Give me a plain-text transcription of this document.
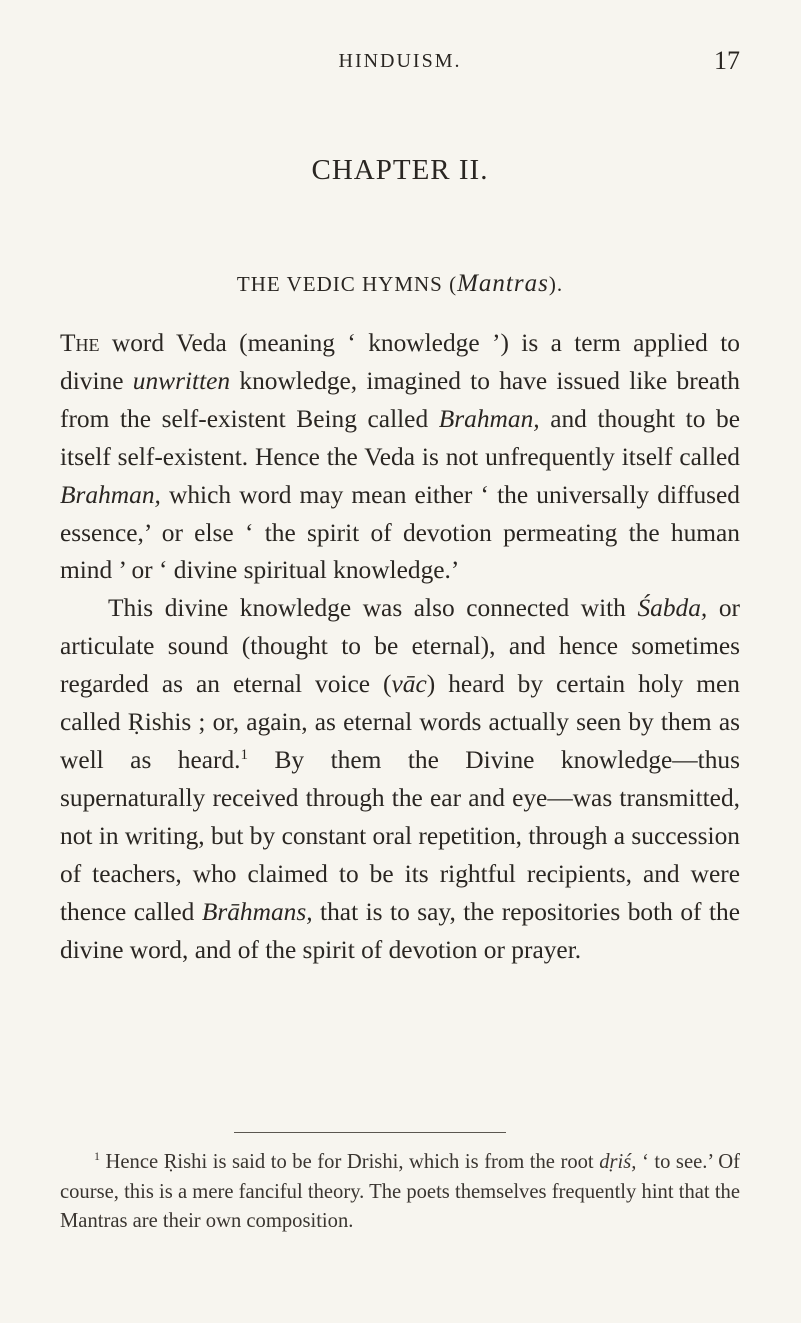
HINDUISM.	17
CHAPTER II.
THE VEDIC HYMNS (Mantras).

The word Veda (meaning ‘ knowledge ’) is a term applied to divine unwritten knowledge, imagined to have issued like breath from the self-existent Being called Brahman, and thought to be itself self-existent. Hence the Veda is not unfrequently itself called Brahman, which word may mean either ‘ the universally diffused essence,’ or else ‘ the spirit of devotion permeating the human mind ’ or ‘ divine spiritual knowledge.’

This divine knowledge was also connected with Śabda, or articulate sound (thought to be eternal), and hence sometimes regarded as an eternal voice (vāc) heard by certain holy men called Ṛishis ; or, again, as eternal words actually seen by them as well as heard.$^1$ By them the Divine knowledge—thus supernaturally received through the ear and eye—was transmitted, not in writing, but by constant oral repetition, through a succession of teachers, who claimed to be its rightful recipients, and were thence called Brāhmans, that is to say, the repositories both of the divine word, and of the spirit of devotion or prayer.

$^1$ Hence Ṛishi is said to be for Drishi, which is from the root dṛiś, ‘ to see.’ Of course, this is a mere fanciful theory. The poets themselves frequently hint that the Mantras are their own composition.
